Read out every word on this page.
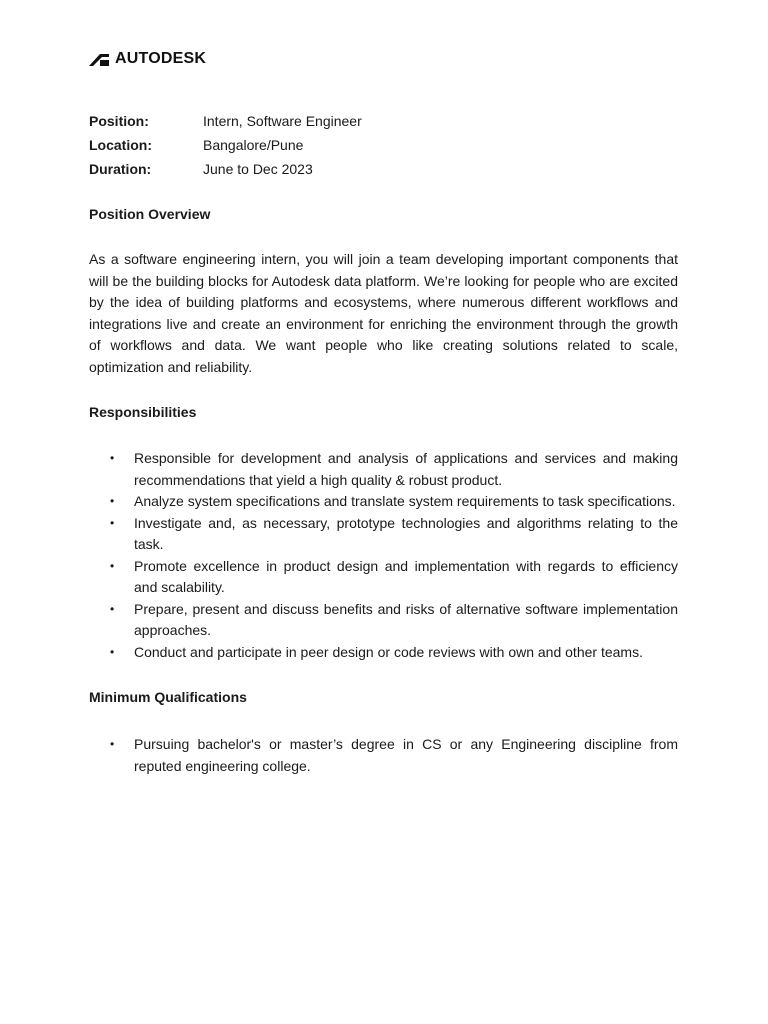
AUTODESK
Position:	Intern, Software Engineer
Location:	Bangalore/Pune
Duration:	June to Dec 2023
Position Overview

As a software engineering intern, you will join a team developing important components that will be the building blocks for Autodesk data platform. We’re looking for people who are excited by the idea of building platforms and ecosystems, where numerous different workflows and integrations live and create an environment for enriching the environment through the growth of workflows and data. We want people who like creating solutions related to scale, optimization and reliability.

Responsibilities
• Responsible for development and analysis of applications and services and making recommendations that yield a high quality & robust product.
• Analyze system specifications and translate system requirements to task specifications.
• Investigate and, as necessary, prototype technologies and algorithms relating to the task.
• Promote excellence in product design and implementation with regards to efficiency and scalability.
• Prepare, present and discuss benefits and risks of alternative software implementation approaches.
• Conduct and participate in peer design or code reviews with own and other teams.
Minimum Qualifications
• Pursuing bachelor's or master’s degree in CS or any Engineering discipline from reputed engineering college.
